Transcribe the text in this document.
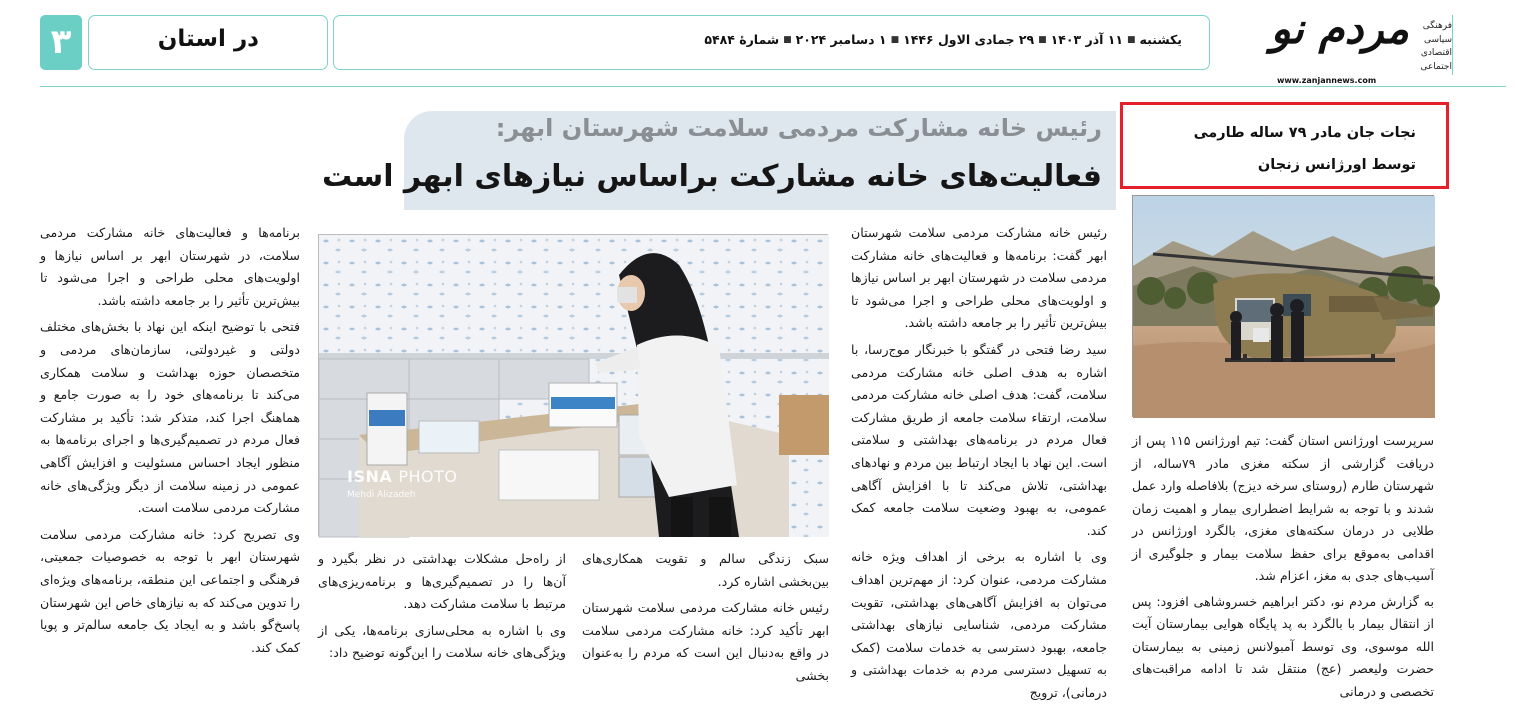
۳	در استان	یکشنبه■۱۱ آذر ۱۴۰۳■۲۹ جمادی الاول ۱۴۴۶■۱ دسامبر ۲۰۲۴■شمارهٔ ۵۴۸۴	مردم نو	فرهنگی
سیاسی
اقتصادی
اجتماعی
www.zanjannews.com
نجات جان مادر ۷۹ ساله طارمی
توسط اورژانس زنجان

سرپرست اورژانس استان گفت: تیم اورژانس ۱۱۵ پس از دریافت گزارشی از سکته مغزی مادر ۷۹ساله، از شهرستان طارم (روستای سرخه دیزج) بلافاصله وارد عمل شدند و با توجه به شرایط اضطراری بیمار و اهمیت زمان طلایی در درمان سکته‌های مغزی، بالگرد اورژانس در اقدامی به‌موقع برای حفظ سلامت بیمار و جلوگیری از آسیب‌های جدی به مغز، اعزام شد.

به گزارش مردم نو، دکتر ابراهیم خسروشاهی افزود: پس از انتقال بیمار با بالگرد به پد پایگاه هوایی بیمارستان آیت الله موسوی، وی توسط آمبولانس زمینی به بیمارستان حضرت ولیعصر (عج) منتقل شد تا ادامه مراقبت‌های تخصصی و درمانی

رئیس خانه مشارکت مردمی سلامت شهرستان ابهر:
فعالیت‌های خانه مشارکت براساس نیازهای ابهر است

رئیس خانه مشارکت مردمی سلامت شهرستان ابهر گفت: برنامه‌ها و فعالیت‌های خانه مشارکت مردمی سلامت در شهرستان ابهر بر اساس نیازها و اولویت‌های محلی طراحی و اجرا می‌شود تا بیش‌ترین تأثیر را بر جامعه داشته باشد.

سید رضا فتحی در گفتگو با خبرنگار موج‌رسا، با اشاره به هدف اصلی خانه مشارکت مردمی سلامت، گفت: هدف اصلی خانه مشارکت مردمی سلامت، ارتقاء سلامت جامعه از طریق مشارکت فعال مردم در برنامه‌های بهداشتی و سلامتی است. این نهاد با ایجاد ارتباط بین مردم و نهادهای بهداشتی، تلاش می‌کند تا با افزایش آگاهی عمومی، به بهبود وضعیت سلامت جامعه کمک کند.

وی با اشاره به برخی از اهداف ویژه خانه مشارکت مردمی، عنوان کرد: از مهم‌ترین اهداف می‌توان به افزایش آگاهی‌های بهداشتی، تقویت مشارکت مردمی، شناسایی نیازهای بهداشتی جامعه، بهبود دسترسی به خدمات سلامت (کمک به تسهیل دسترسی مردم به خدمات بهداشتی و درمانی)، ترویج

ISNA PHOTO
Mehdi Alizadeh

سبک زندگی سالم و تقویت همکاری‌های بین‌بخشی اشاره کرد.

رئیس خانه مشارکت مردمی سلامت شهرستان ابهر تأکید کرد: خانه مشارکت مردمی سلامت در واقع به‌دنبال این است که مردم را به‌عنوان بخشی

از راه‌حل مشکلات بهداشتی در نظر بگیرد و آن‌ها را در تصمیم‌گیری‌ها و برنامه‌ریزی‌های مرتبط با سلامت مشارکت دهد.

وی با اشاره به محلی‌سازی برنامه‌ها، یکی از ویژگی‌های خانه سلامت را این‌گونه توضیح داد:

برنامه‌ها و فعالیت‌های خانه مشارکت مردمی سلامت، در شهرستان ابهر بر اساس نیازها و اولویت‌های محلی طراحی و اجرا می‌شود تا بیش‌ترین تأثیر را بر جامعه داشته باشد.

فتحی با توضیح اینکه این نهاد با بخش‌های مختلف دولتی و غیردولتی، سازمان‌های مردمی و متخصصان حوزه بهداشت و سلامت همکاری می‌کند تا برنامه‌های خود را به صورت جامع و هماهنگ اجرا کند، متذکر شد: تأکید بر مشارکت فعال مردم در تصمیم‌گیری‌ها و اجرای برنامه‌ها به منظور ایجاد احساس مسئولیت و افزایش آگاهی عمومی در زمینه سلامت از دیگر ویژگی‌های خانه مشارکت مردمی سلامت است.

وی تصریح کرد: خانه مشارکت مردمی سلامت شهرستان ابهر با توجه به خصوصیات جمعیتی، فرهنگی و اجتماعی این منطقه، برنامه‌های ویژه‌ای را تدوین می‌کند که به نیازهای خاص این شهرستان پاسخ‌گو باشد و به ایجاد یک جامعه سالم‌تر و پویا کمک کند.
